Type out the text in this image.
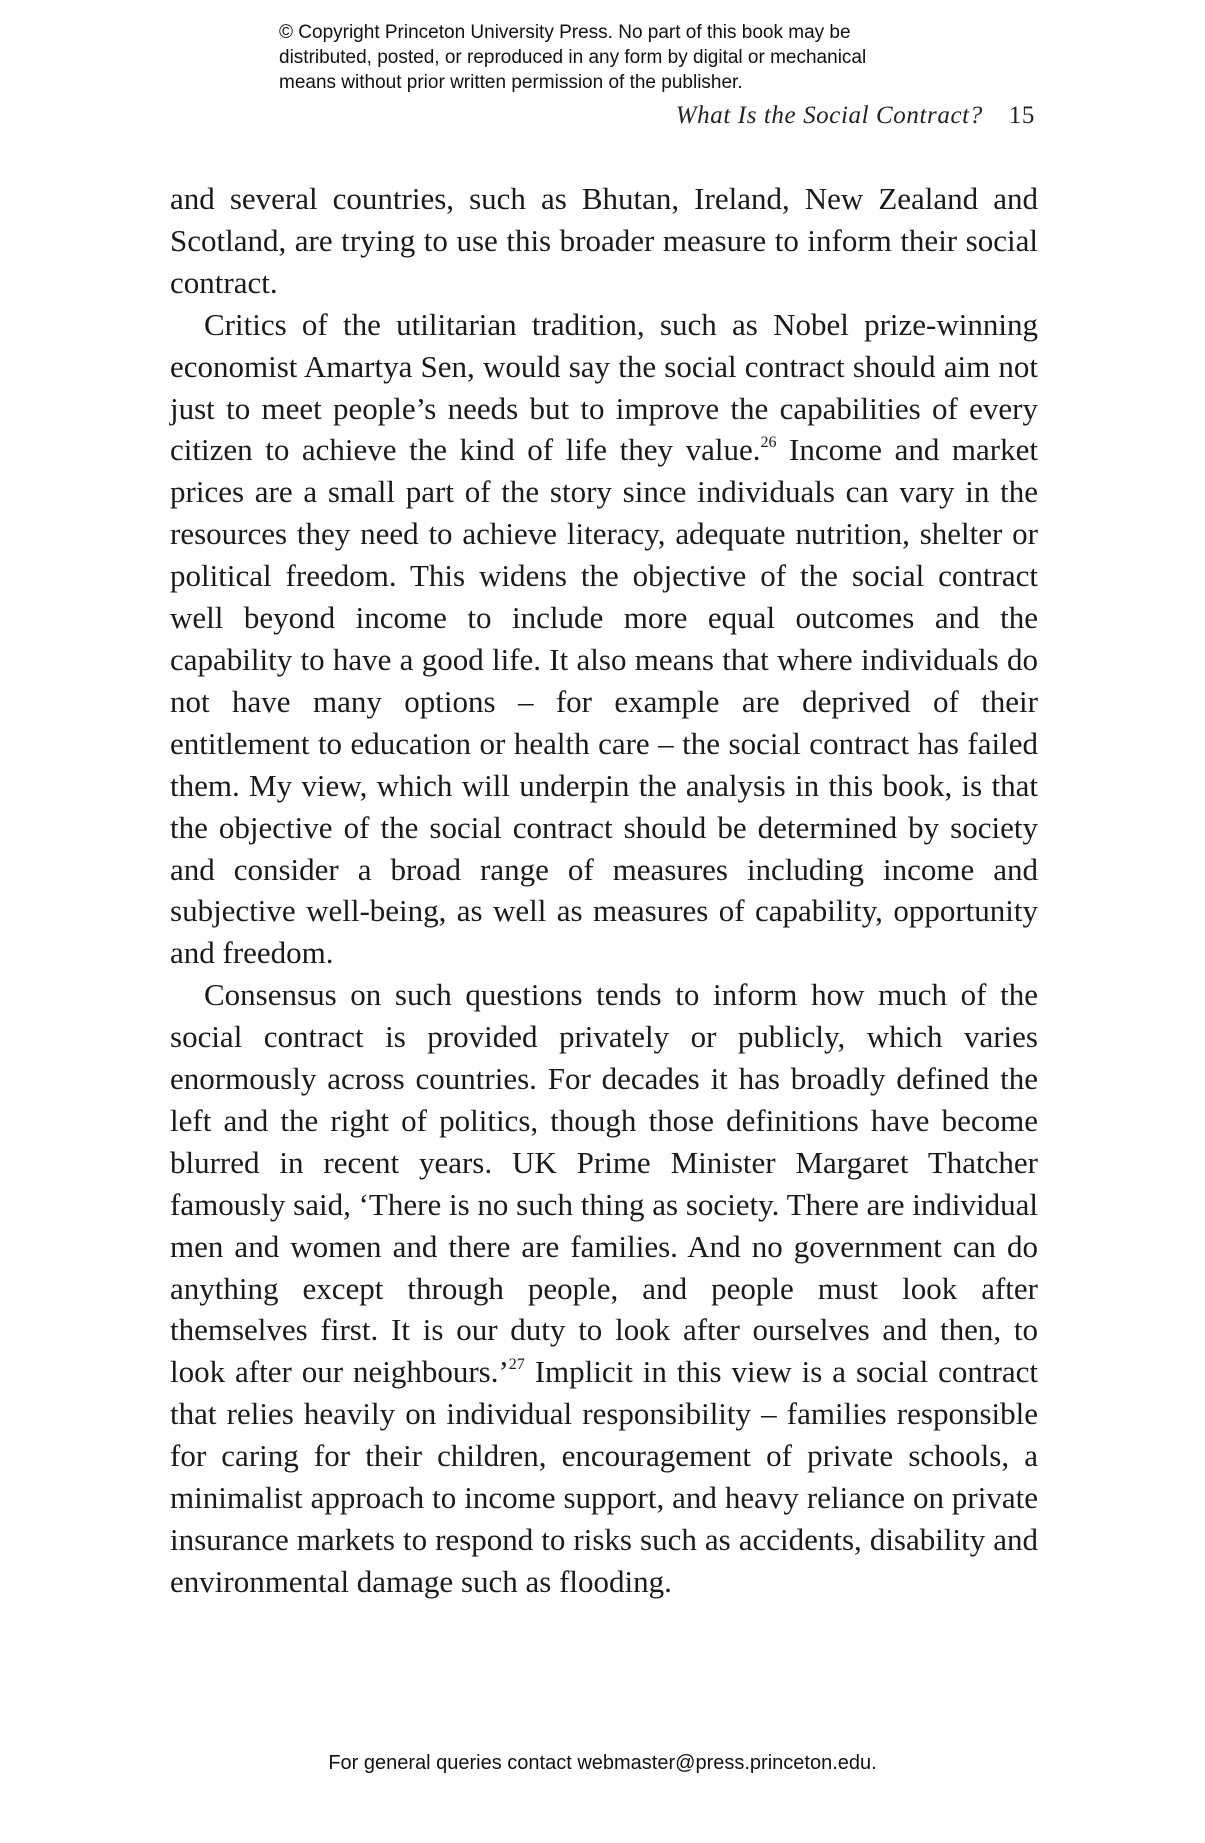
© Copyright Princeton University Press. No part of this book may be
distributed, posted, or reproduced in any form by digital or mechanical
means without prior written permission of the publisher.
What Is the Social Contract? 15

and several countries, such as Bhutan, Ireland, New Zealand and Scotland, are trying to use this broader measure to inform their social contract.

Critics of the utilitarian tradition, such as Nobel prize-winning economist Amartya Sen, would say the social contract should aim not just to meet people’s needs but to improve the capabilities of every citizen to achieve the kind of life they value.$^{26}$ Income and market prices are a small part of the story since individuals can vary in the resources they need to achieve literacy, adequate nutrition, shelter or political freedom. This widens the objective of the social contract well beyond income to include more equal outcomes and the capability to have a good life. It also means that where individuals do not have many options – for example are deprived of their entitlement to education or health care – the social contract has failed them. My view, which will underpin the analysis in this book, is that the objective of the social contract should be determined by society and consider a broad range of measures including income and subjective well-being, as well as measures of capability, opportunity and freedom.

Consensus on such questions tends to inform how much of the social contract is provided privately or publicly, which varies enormously across countries. For decades it has broadly defined the left and the right of politics, though those definitions have become blurred in recent years. UK Prime Minister Margaret Thatcher famously said, ‘There is no such thing as society. There are individual men and women and there are families. And no government can do anything except through people, and people must look after themselves first. It is our duty to look after ourselves and then, to look after our neighbours.’$^{27}$ Implicit in this view is a social contract that relies heavily on individual responsibility – families responsible for caring for their children, encouragement of private schools, a minimalist approach to income support, and heavy reliance on private insurance markets to respond to risks such as accidents, disability and environmental damage such as flooding.

For general queries contact webmaster@press.princeton.edu.
